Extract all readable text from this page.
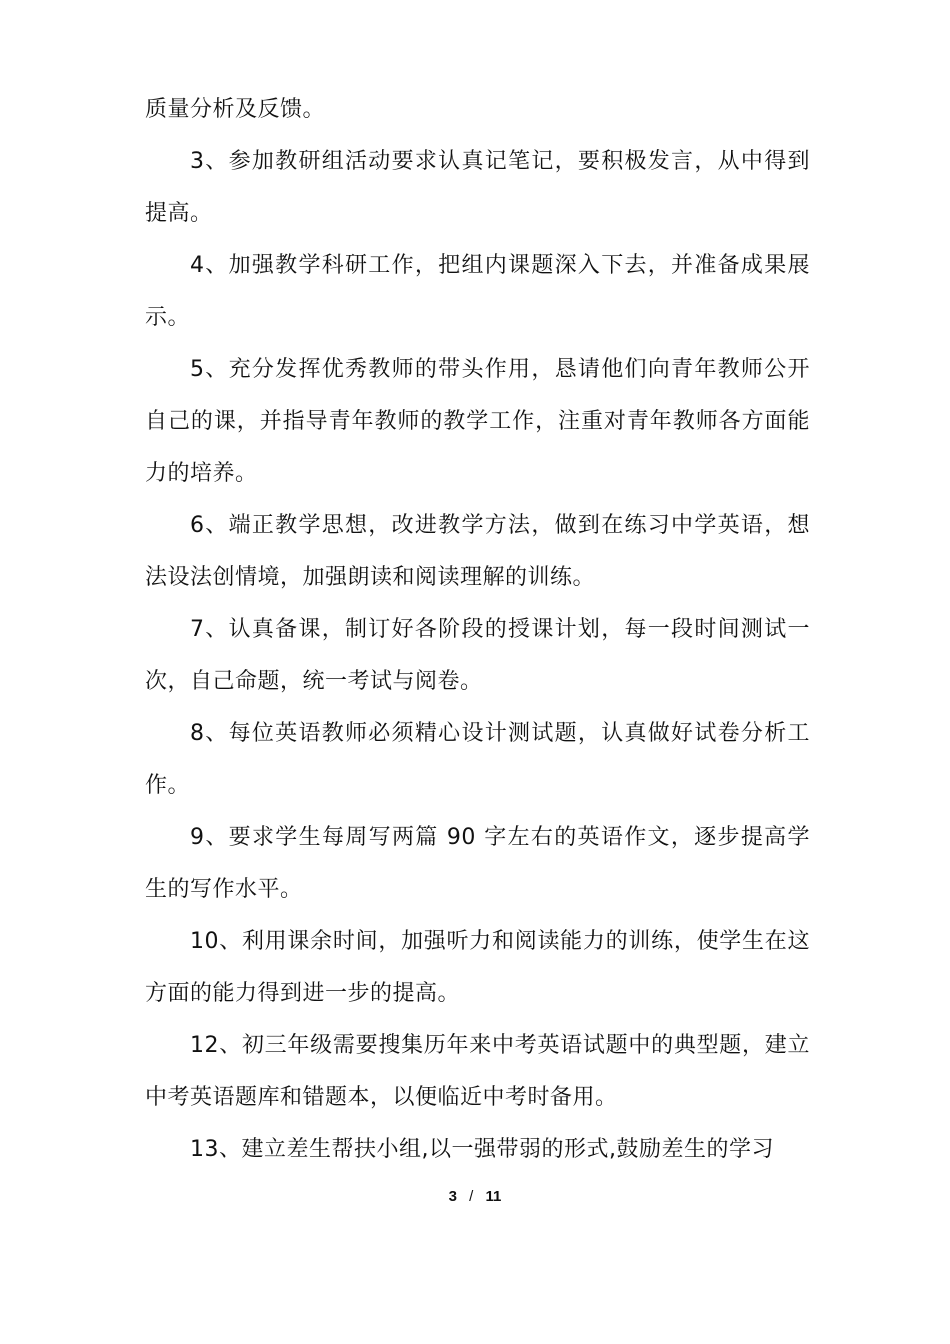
质量分析及反馈。

3、参加教研组活动要求认真记笔记，要积极发言，从中得到提高。

4、加强教学科研工作，把组内课题深入下去，并准备成果展示。

5、充分发挥优秀教师的带头作用，恳请他们向青年教师公开自己的课，并指导青年教师的教学工作，注重对青年教师各方面能力的培养。

6、端正教学思想，改进教学方法，做到在练习中学英语，想法设法创情境，加强朗读和阅读理解的训练。

7、认真备课，制订好各阶段的授课计划，每一段时间测试一次，自己命题，统一考试与阅卷。

8、每位英语教师必须精心设计测试题，认真做好试卷分析工作。

9、要求学生每周写两篇 90 字左右的英语作文，逐步提高学生的写作水平。

10、利用课余时间，加强听力和阅读能力的训练，使学生在这方面的能力得到进一步的提高。

12、初三年级需要搜集历年来中考英语试题中的典型题，建立中考英语题库和错题本，以便临近中考时备用。

13、建立差生帮扶小组,以一强带弱的形式,鼓励差生的学习

3 / 11
